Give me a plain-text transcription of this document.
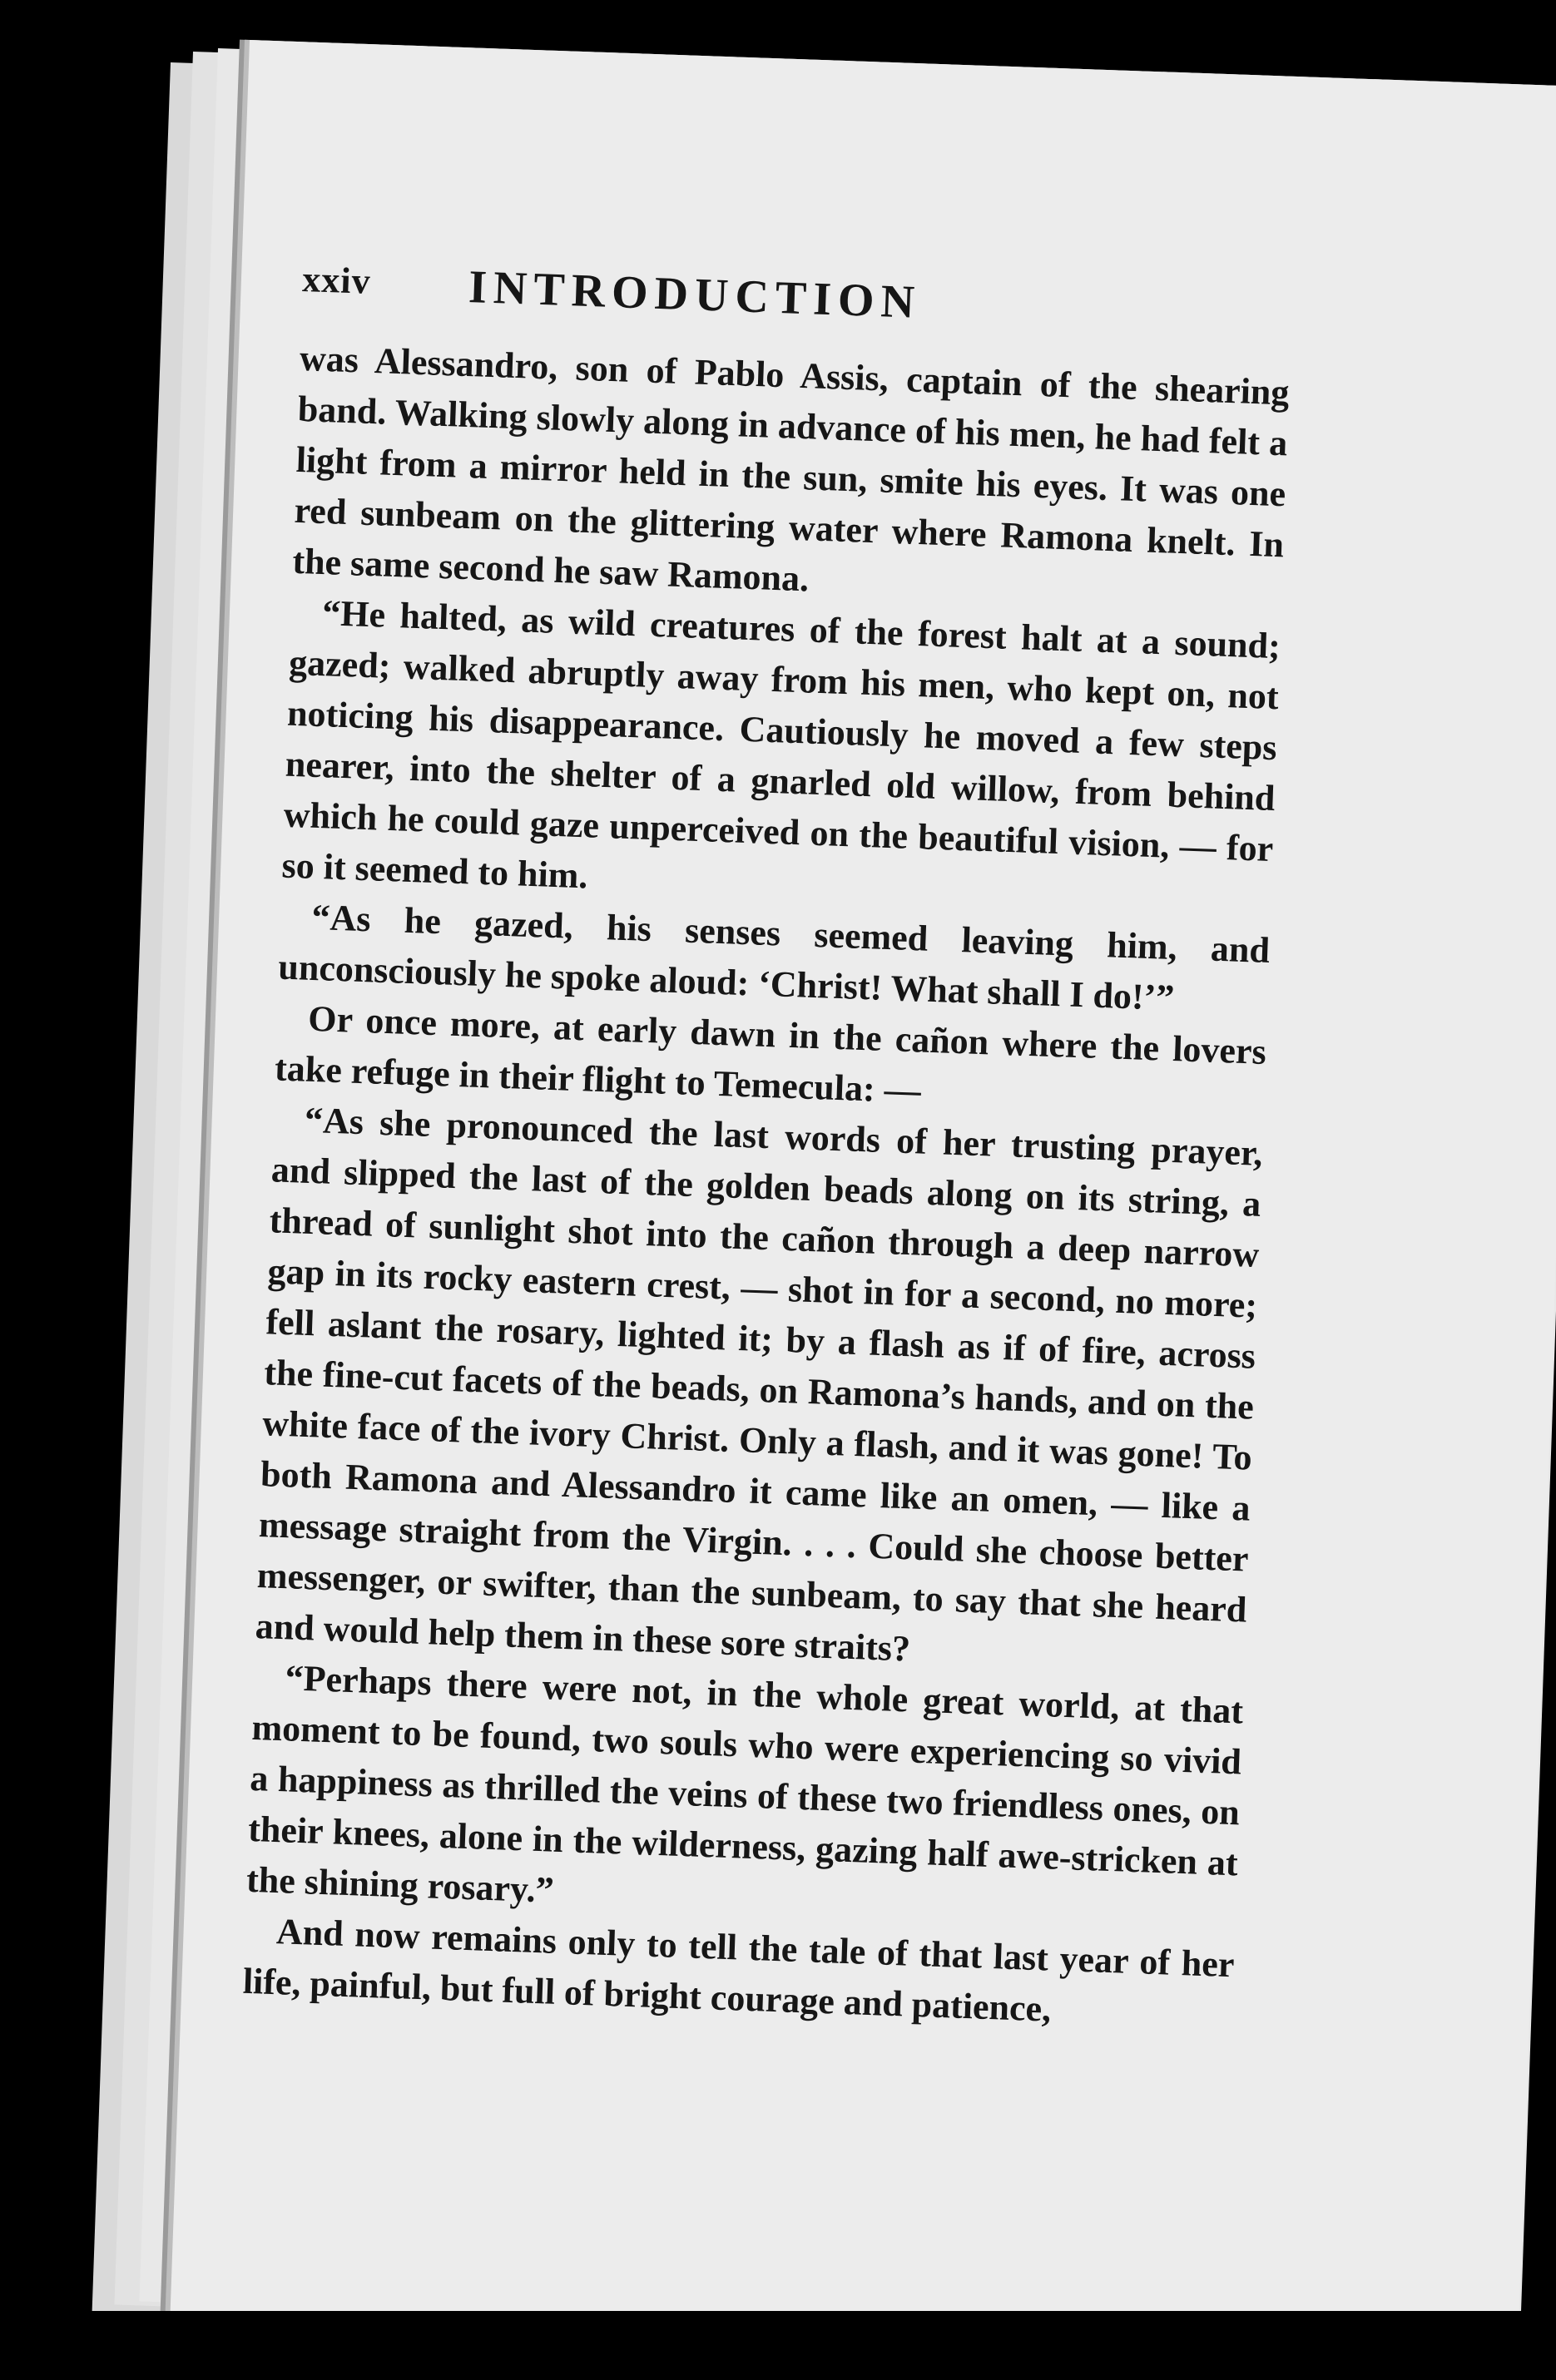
xxiv INTRODUCTION

was Alessandro, son of Pablo Assis, captain of the shearing band. Walking slowly along in advance of his men, he had felt a light from a mirror held in the sun, smite his eyes. It was one red sunbeam on the glittering water where Ramona knelt. In the same second he saw Ramona.

“He halted, as wild creatures of the forest halt at a sound; gazed; walked abruptly away from his men, who kept on, not noticing his disappearance. Cautiously he moved a few steps nearer, into the shelter of a gnarled old willow, from behind which he could gaze unperceived on the beautiful vision, — for so it seemed to him.

“As he gazed, his senses seemed leaving him, and unconsciously he spoke aloud: ‘Christ! What shall I do!’”

Or once more, at early dawn in the cañon where the lovers take refuge in their flight to Temecula: —

“As she pronounced the last words of her trusting prayer, and slipped the last of the golden beads along on its string, a thread of sunlight shot into the cañon through a deep narrow gap in its rocky eastern crest, — shot in for a second, no more; fell aslant the rosary, lighted it; by a flash as if of fire, across the fine-cut facets of the beads, on Ramona’s hands, and on the white face of the ivory Christ. Only a flash, and it was gone! To both Ramona and Alessandro it came like an omen, — like a message straight from the Virgin. . . . Could she choose better messenger, or swifter, than the sunbeam, to say that she heard and would help them in these sore straits?

“Perhaps there were not, in the whole great world, at that moment to be found, two souls who were experiencing so vivid a happiness as thrilled the veins of these two friendless ones, on their knees, alone in the wilderness, gazing half awe-stricken at the shining rosary.”

And now remains only to tell the tale of that last year of her life, painful, but full of bright courage and patience,
